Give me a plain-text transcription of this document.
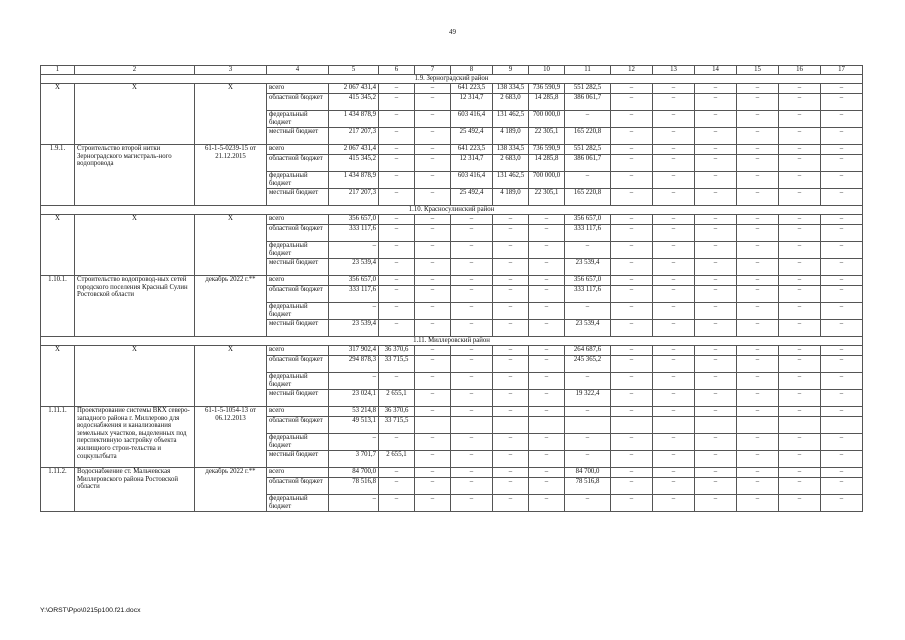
49
1	2	3	4	5	6	7	8	9	10	11	12	13	14	15	16	17
1.9. Зерноградский район																
Х	Х	Х	всего	2 067 431,4	–	–	641 223,5	138 334,5	736 590,9	551 282,5	–	–	–	–	–	–
			областной бюджет	415 345,2	–	–	12 314,7	2 683,0	14 285,8	386 061,7	–	–	–	–	–	–
			федеральный бюджет	1 434 878,9	–	–	603 416,4	131 462,5	700 000,0	–	–	–	–	–	–	–
			местный бюджет	217 207,3	–	–	25 492,4	4 189,0	22 305,1	165 220,8	–	–	–	–	–	–
1.9.1.	Строительство второй нитки Зерноградского магистраль-ного водопровода	61-1-5-0239-15 от 21.12.2015	всего	2 067 431,4	–	–	641 223,5	138 334,5	736 590,9	551 282,5	–	–	–	–	–	–
			областной бюджет	415 345,2	–	–	12 314,7	2 683,0	14 285,8	386 061,7	–	–	–	–	–	–
			федеральный бюджет	1 434 878,9	–	–	603 416,4	131 462,5	700 000,0	–	–	–	–	–	–	–
			местный бюджет	217 207,3	–	–	25 492,4	4 189,0	22 305,1	165 220,8	–	–	–	–	–	–
1.10. Красносулинский район																
Х	Х	Х	всего	356 657,0	–	–	–	–	–	356 657,0	–	–	–	–	–	–
			областной бюджет	333 117,6	–	–	–	–	–	333 117,6	–	–	–	–	–	–
			федеральный бюджет	–	–	–	–	–	–	–	–	–	–	–	–	–
			местный бюджет	23 539,4	–	–	–	–	–	23 539,4	–	–	–	–	–	–
1.10.1.	Строительство водопровод-ных сетей городского поселения Красный Сулин Ростовской области	декабрь 2022 г.**	всего	356 657,0	–	–	–	–	–	356 657,0	–	–	–	–	–	–
			областной бюджет	333 117,6	–	–	–	–	–	333 117,6	–	–	–	–	–	–
			федеральный бюджет	–	–	–	–	–	–	–	–	–	–	–	–	–
			местный бюджет	23 539,4	–	–	–	–	–	23 539,4	–	–	–	–	–	–
1.11. Миллеровский район																
Х	Х	Х	всего	317 902,4	36 370,6	–	–	–	–	264 687,6	–	–	–	–	–	–
			областной бюджет	294 878,3	33 715,5	–	–	–	–	245 365,2	–	–	–	–	–	–
			федеральный бюджет	–	–	–	–	–	–	–	–	–	–	–	–	–
			местный бюджет	23 024,1	2 655,1	–	–	–	–	19 322,4	–	–	–	–	–	–
1.11.1.	Проектирование системы ВКХ северо-западного района г. Миллерово для водоснабжения и канализования земельных участков, выделенных под перспективную застройку объекта жилищного строи-тельства и соцкультбыта	61-1-5-1054-13 от 06.12.2013	всего	53 214,8	36 370,6	–	–	–	–	–	–	–	–	–	–	–
			областной бюджет	49 513,1	33 715,5											
			федеральный бюджет	–	–	–	–	–	–	–	–	–	–	–	–	–
			местный бюджет	3 701,7	2 655,1	–	–	–	–	–	–	–	–	–	–	–
1.11.2.	Водоснабжение ст. Мальчевская Миллеровского района Ростовской области	декабрь 2022 г.**	всего	84 700,0	–	–	–	–	–	84 700,0	–	–	–	–	–	–
			областной бюджет	78 516,8	–	–	–	–	–	78 516,8	–	–	–	–	–	–
			федеральный бюджет	–	–	–	–	–	–	–	–	–	–	–	–	–
Y:\ORST\Ppo\0215p100.f21.docx
